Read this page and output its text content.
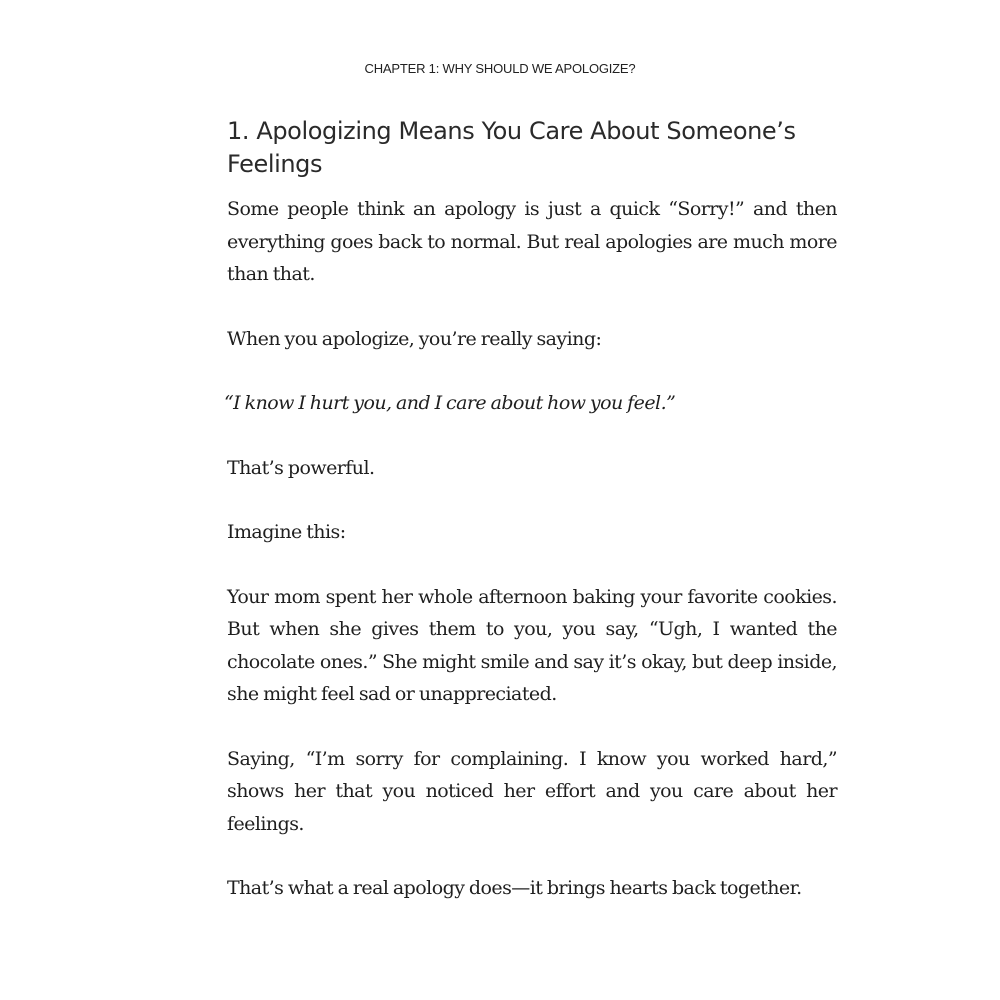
CHAPTER 1: WHY SHOULD WE APOLOGIZE?
1. Apologizing Means You Care About Someone’s Feelings

Some people think an apology is just a quick “Sorry!” and then everything goes back to normal. But real apologies are much more than that.

When you apologize, you’re really saying:

“I know I hurt you, and I care about how you feel.”

That’s powerful.

Imagine this:

Your mom spent her whole afternoon baking your favorite cookies. But when she gives them to you, you say, “Ugh, I wanted the chocolate ones.” She might smile and say it’s okay, but deep inside, she might feel sad or unappreciated.

Saying, “I’m sorry for complaining. I know you worked hard,” shows her that you noticed her effort and you care about her feelings.

That’s what a real apology does—it brings hearts back together.
